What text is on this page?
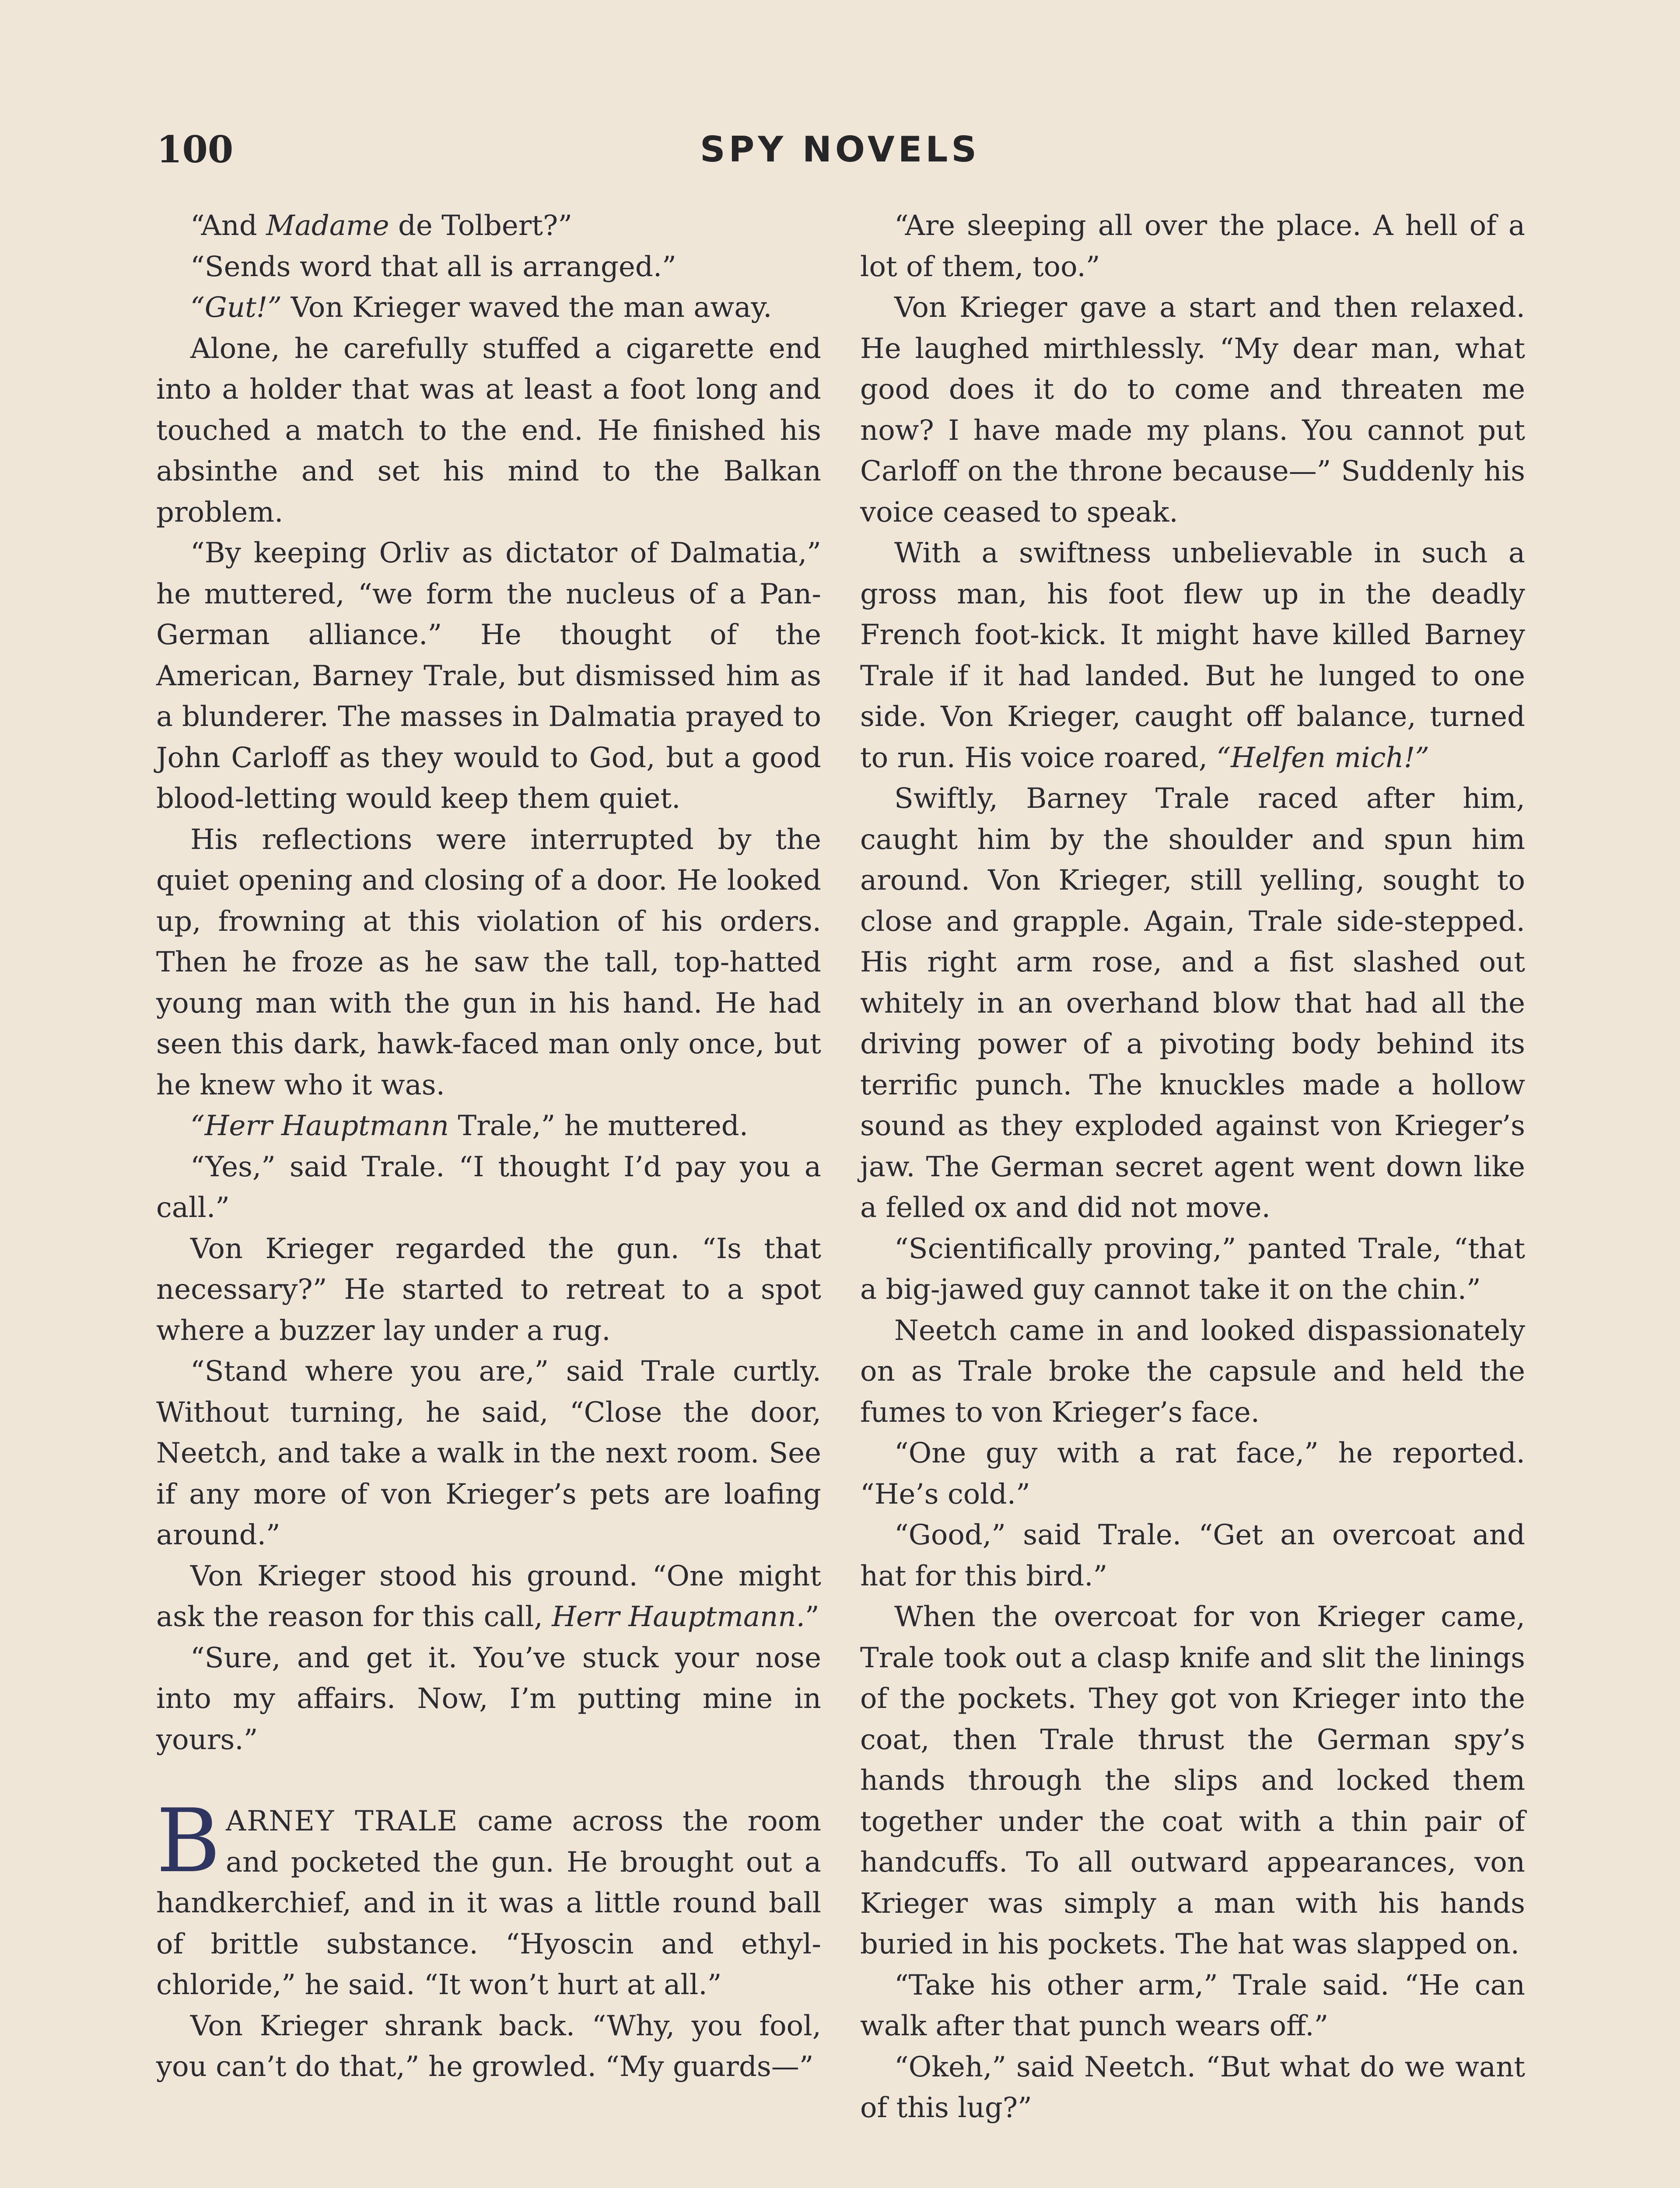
100	SPY NOVELS

“And Madame de Tolbert?”

“Sends word that all is arranged.”

“Gut!” Von Krieger waved the man away.

Alone, he carefully stuffed a cigarette end into a holder that was at least a foot long and touched a match to the end. He finished his absinthe and set his mind to the Balkan problem.

“By keeping Orliv as dictator of Dalmatia,” he muttered, “we form the nucleus of a Pan-German alliance.” He thought of the American, Barney Trale, but dismissed him as a blunderer. The masses in Dalmatia prayed to John Carloff as they would to God, but a good blood-letting would keep them quiet.

His reflections were interrupted by the quiet opening and closing of a door. He looked up, frowning at this violation of his orders. Then he froze as he saw the tall, top-hatted young man with the gun in his hand. He had seen this dark, hawk-faced man only once, but he knew who it was.

“Herr Hauptmann Trale,” he muttered.

“Yes,” said Trale. “I thought I’d pay you a call.”

Von Krieger regarded the gun. “Is that necessary?” He started to retreat to a spot where a buzzer lay under a rug.

“Stand where you are,” said Trale curtly. Without turning, he said, “Close the door, Neetch, and take a walk in the next room. See if any more of von Krieger’s pets are loafing around.”

Von Krieger stood his ground. “One might ask the reason for this call, Herr Hauptmann.”

“Sure, and get it. You’ve stuck your nose into my affairs. Now, I’m putting mine in yours.”

BARNEY TRALE came across the room and pocketed the gun. He brought out a handkerchief, and in it was a little round ball of brittle substance. “Hyoscin and ethyl-chloride,” he said. “It won’t hurt at all.”

Von Krieger shrank back. “Why, you fool, you can’t do that,” he growled. “My guards—”

“Are sleeping all over the place. A hell of a lot of them, too.”

Von Krieger gave a start and then relaxed. He laughed mirthlessly. “My dear man, what good does it do to come and threaten me now? I have made my plans. You cannot put Carloff on the throne because—” Suddenly his voice ceased to speak.

With a swiftness unbelievable in such a gross man, his foot flew up in the deadly French foot-kick. It might have killed Barney Trale if it had landed. But he lunged to one side. Von Krieger, caught off balance, turned to run. His voice roared, “Helfen mich!”

Swiftly, Barney Trale raced after him, caught him by the shoulder and spun him around. Von Krieger, still yelling, sought to close and grapple. Again, Trale side-stepped. His right arm rose, and a fist slashed out whitely in an overhand blow that had all the driving power of a pivoting body behind its terrific punch. The knuckles made a hollow sound as they exploded against von Krieger’s jaw. The German secret agent went down like a felled ox and did not move.

“Scientifically proving,” panted Trale, “that a big-jawed guy cannot take it on the chin.”

Neetch came in and looked dispassionately on as Trale broke the capsule and held the fumes to von Krieger’s face.

“One guy with a rat face,” he reported. “He’s cold.”

“Good,” said Trale. “Get an overcoat and hat for this bird.”

When the overcoat for von Krieger came, Trale took out a clasp knife and slit the linings of the pockets. They got von Krieger into the coat, then Trale thrust the German spy’s hands through the slips and locked them together under the coat with a thin pair of handcuffs. To all outward appearances, von Krieger was simply a man with his hands buried in his pockets. The hat was slapped on.

“Take his other arm,” Trale said. “He can walk after that punch wears off.”

“Okeh,” said Neetch. “But what do we want of this lug?”
